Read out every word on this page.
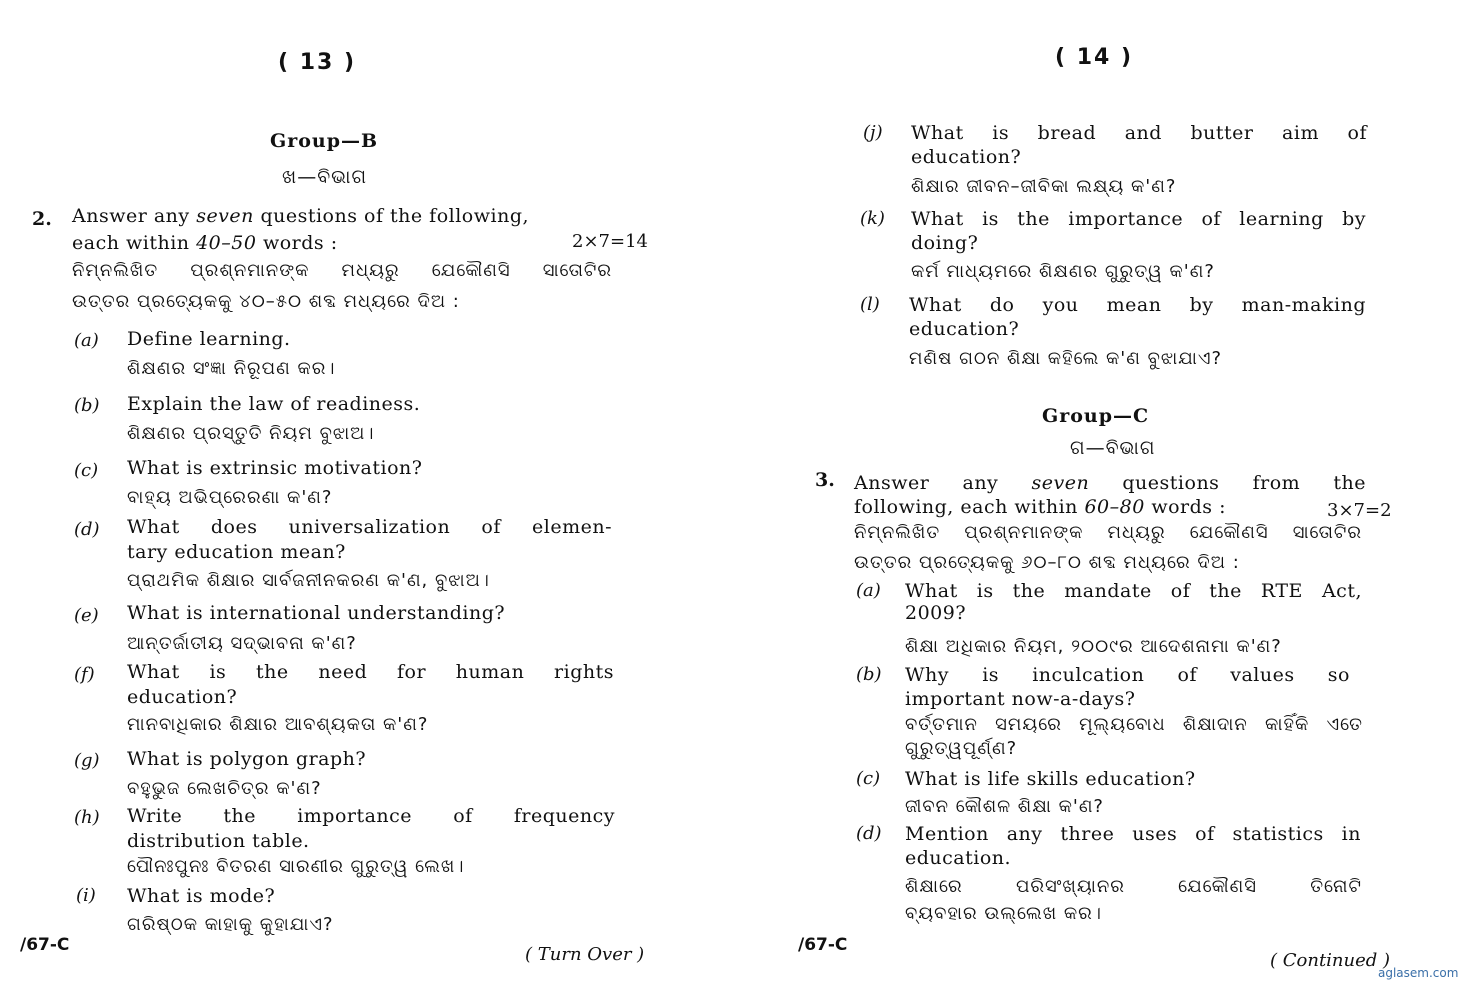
( 13 )
Group—B
ଖ—ବିଭାଗ
2. Answer any seven questions of the following,
each within 40–50 words :	2×7=14
ନିମ୍ନଲିଖିତ ପ୍ରଶ୍ନମାନଙ୍କ ମଧ୍ୟରୁ ଯେକୌଣସି ସାତୋଟିର
ଉତ୍ତର ପ୍ରତ୍ୟେକକୁ ୪୦–୫୦ ଶବ୍ଦ ମଧ୍ୟରେ ଦିଅ :
(a) Define learning.
ଶିକ୍ଷଣର ସଂଜ୍ଞା ନିରୂପଣ କର।
(b) Explain the law of readiness.
ଶିକ୍ଷଣର ପ୍ରସ୍ତୁତି ନିୟମ ବୁଝାଅ।
(c) What is extrinsic motivation?
ବାହ୍ୟ ଅଭିପ୍ରେରଣା କ'ଣ?
(d) What does universalization of elemen-
tary education mean?
ପ୍ରାଥମିକ ଶିକ୍ଷାର ସାର୍ବଜନୀନକରଣ କ'ଣ, ବୁଝାଅ।
(e) What is international understanding?
ଆନ୍ତର୍ଜାତୀୟ ସଦ୍‌ଭାବନା କ'ଣ?
(f) What is the need for human rights
education?
ମାନବାଧିକାର ଶିକ୍ଷାର ଆବଶ୍ୟକତା କ'ଣ?
(g) What is polygon graph?
ବହୁଭୁଜ ଲେଖଚିତ୍ର କ'ଣ?
(h) Write the importance of frequency
distribution table.
ପୌନଃପୁନଃ ବିତରଣ ସାରଣୀର ଗୁରୁତ୍ୱ ଲେଖ।
(i) What is mode?
ଗରିଷ୍ଠକ କାହାକୁ କୁହାଯାଏ?
/67-C	( Turn Over )
( 14 )
(j) What is bread and butter aim of
education?
ଶିକ୍ଷାର ଜୀବନ–ଜୀବିକା ଲକ୍ଷ୍ୟ କ'ଣ?
(k) What is the importance of learning by
doing?
କର୍ମ ମାଧ୍ୟମରେ ଶିକ୍ଷଣର ଗୁରୁତ୍ୱ କ'ଣ?
(l) What do you mean by man-making
education?
ମଣିଷ ଗଠନ ଶିକ୍ଷା କହିଲେ କ'ଣ ବୁଝାଯାଏ?
Group—C
ଗ—ବିଭାଗ
3. Answer any seven questions from the
following, each within 60–80 words :	3×7=2
ନିମ୍ନଲିଖିତ ପ୍ରଶ୍ନମାନଙ୍କ ମଧ୍ୟରୁ ଯେକୌଣସି ସାତୋଟିର
ଉତ୍ତର ପ୍ରତ୍ୟେକକୁ ୬୦–୮୦ ଶବ୍ଦ ମଧ୍ୟରେ ଦିଅ :
(a) What is the mandate of the RTE Act,
2009?
ଶିକ୍ଷା ଅଧିକାର ନିୟମ, ୨୦୦୯ର ଆଦେଶନାମା କ'ଣ?
(b) Why is inculcation of values so
important now-a-days?
ବର୍ତ୍ତମାନ ସମୟରେ ମୂଲ୍ୟବୋଧ ଶିକ୍ଷାଦାନ କାହିଁକି ଏତେ
ଗୁରୁତ୍ୱପୂର୍ଣ୍ଣ?
(c) What is life skills education?
ଜୀବନ କୌଶଳ ଶିକ୍ଷା କ'ଣ?
(d) Mention any three uses of statistics in
education.
ଶିକ୍ଷାରେ ପରିସଂଖ୍ୟାନର ଯେକୌଣସି ତିନୋଟି
ବ୍ୟବହାର ଉଲ୍ଲେଖ କର।
/67-C
( Continued )
aglasem.com
